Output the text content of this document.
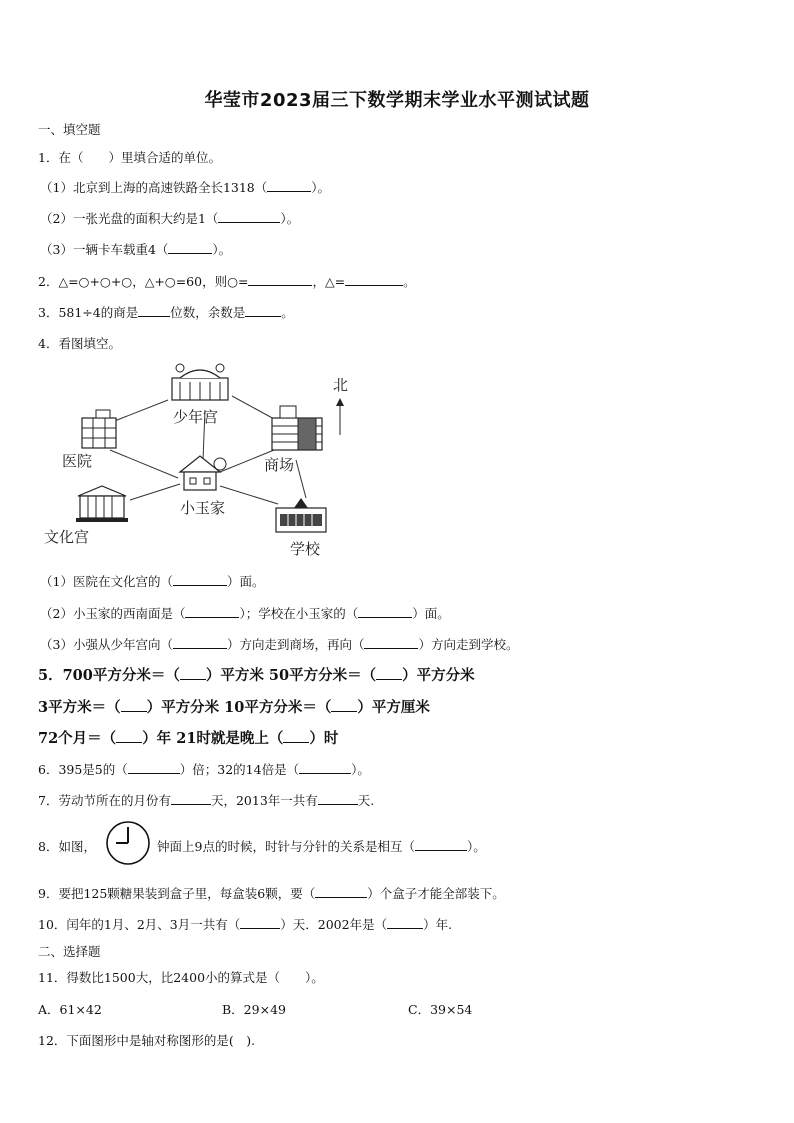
华莹市2023届三下数学期末学业水平测试试题
一、填空题
1．在（　　）里填合适的单位。
（1）北京到上海的高速铁路全长1318（	）。
（2）一张光盘的面积大约是1（	）。
（3）一辆卡车载重4（	）。
2．△=○+○+○，△+○=60，则○=	，△=	。
3．581÷4的商是	位数，余数是	。
4．看图填空。
少年宫
北
医院	商场
小玉家
文化宫
学校
（1）医院在文化宫的（	）面。
（2）小玉家的西南面是（	）；学校在小玉家的（	）面。
（3）小强从少年宫向（	）方向走到商场，再向（	）方向走到学校。
5．700平方分米＝（ ）平方米 50平方分米＝（ ）平方分米
3平方米＝（ ）平方分米 10平方分米＝（ ）平方厘米
72个月＝（ ）年 21时就是晚上（ ）时
6．395是5的（	）倍；32的14倍是（	）。
7．劳动节所在的月份有	天，2013年一共有	天.
8．如图，	钟面上9点的时候，时针与分针的关系是相互（	）。
9．要把125颗糖果装到盒子里，每盒装6颗，要（	）个盒子才能全部装下。
10．闰年的1月、2月、3月一共有（	）天．2002年是（	）年.
二、选择题
11．得数比1500大，比2400小的算式是（　　）。
A．61×42	B．29×49	C．39×54
12．下面图形中是轴对称图形的是(　).
